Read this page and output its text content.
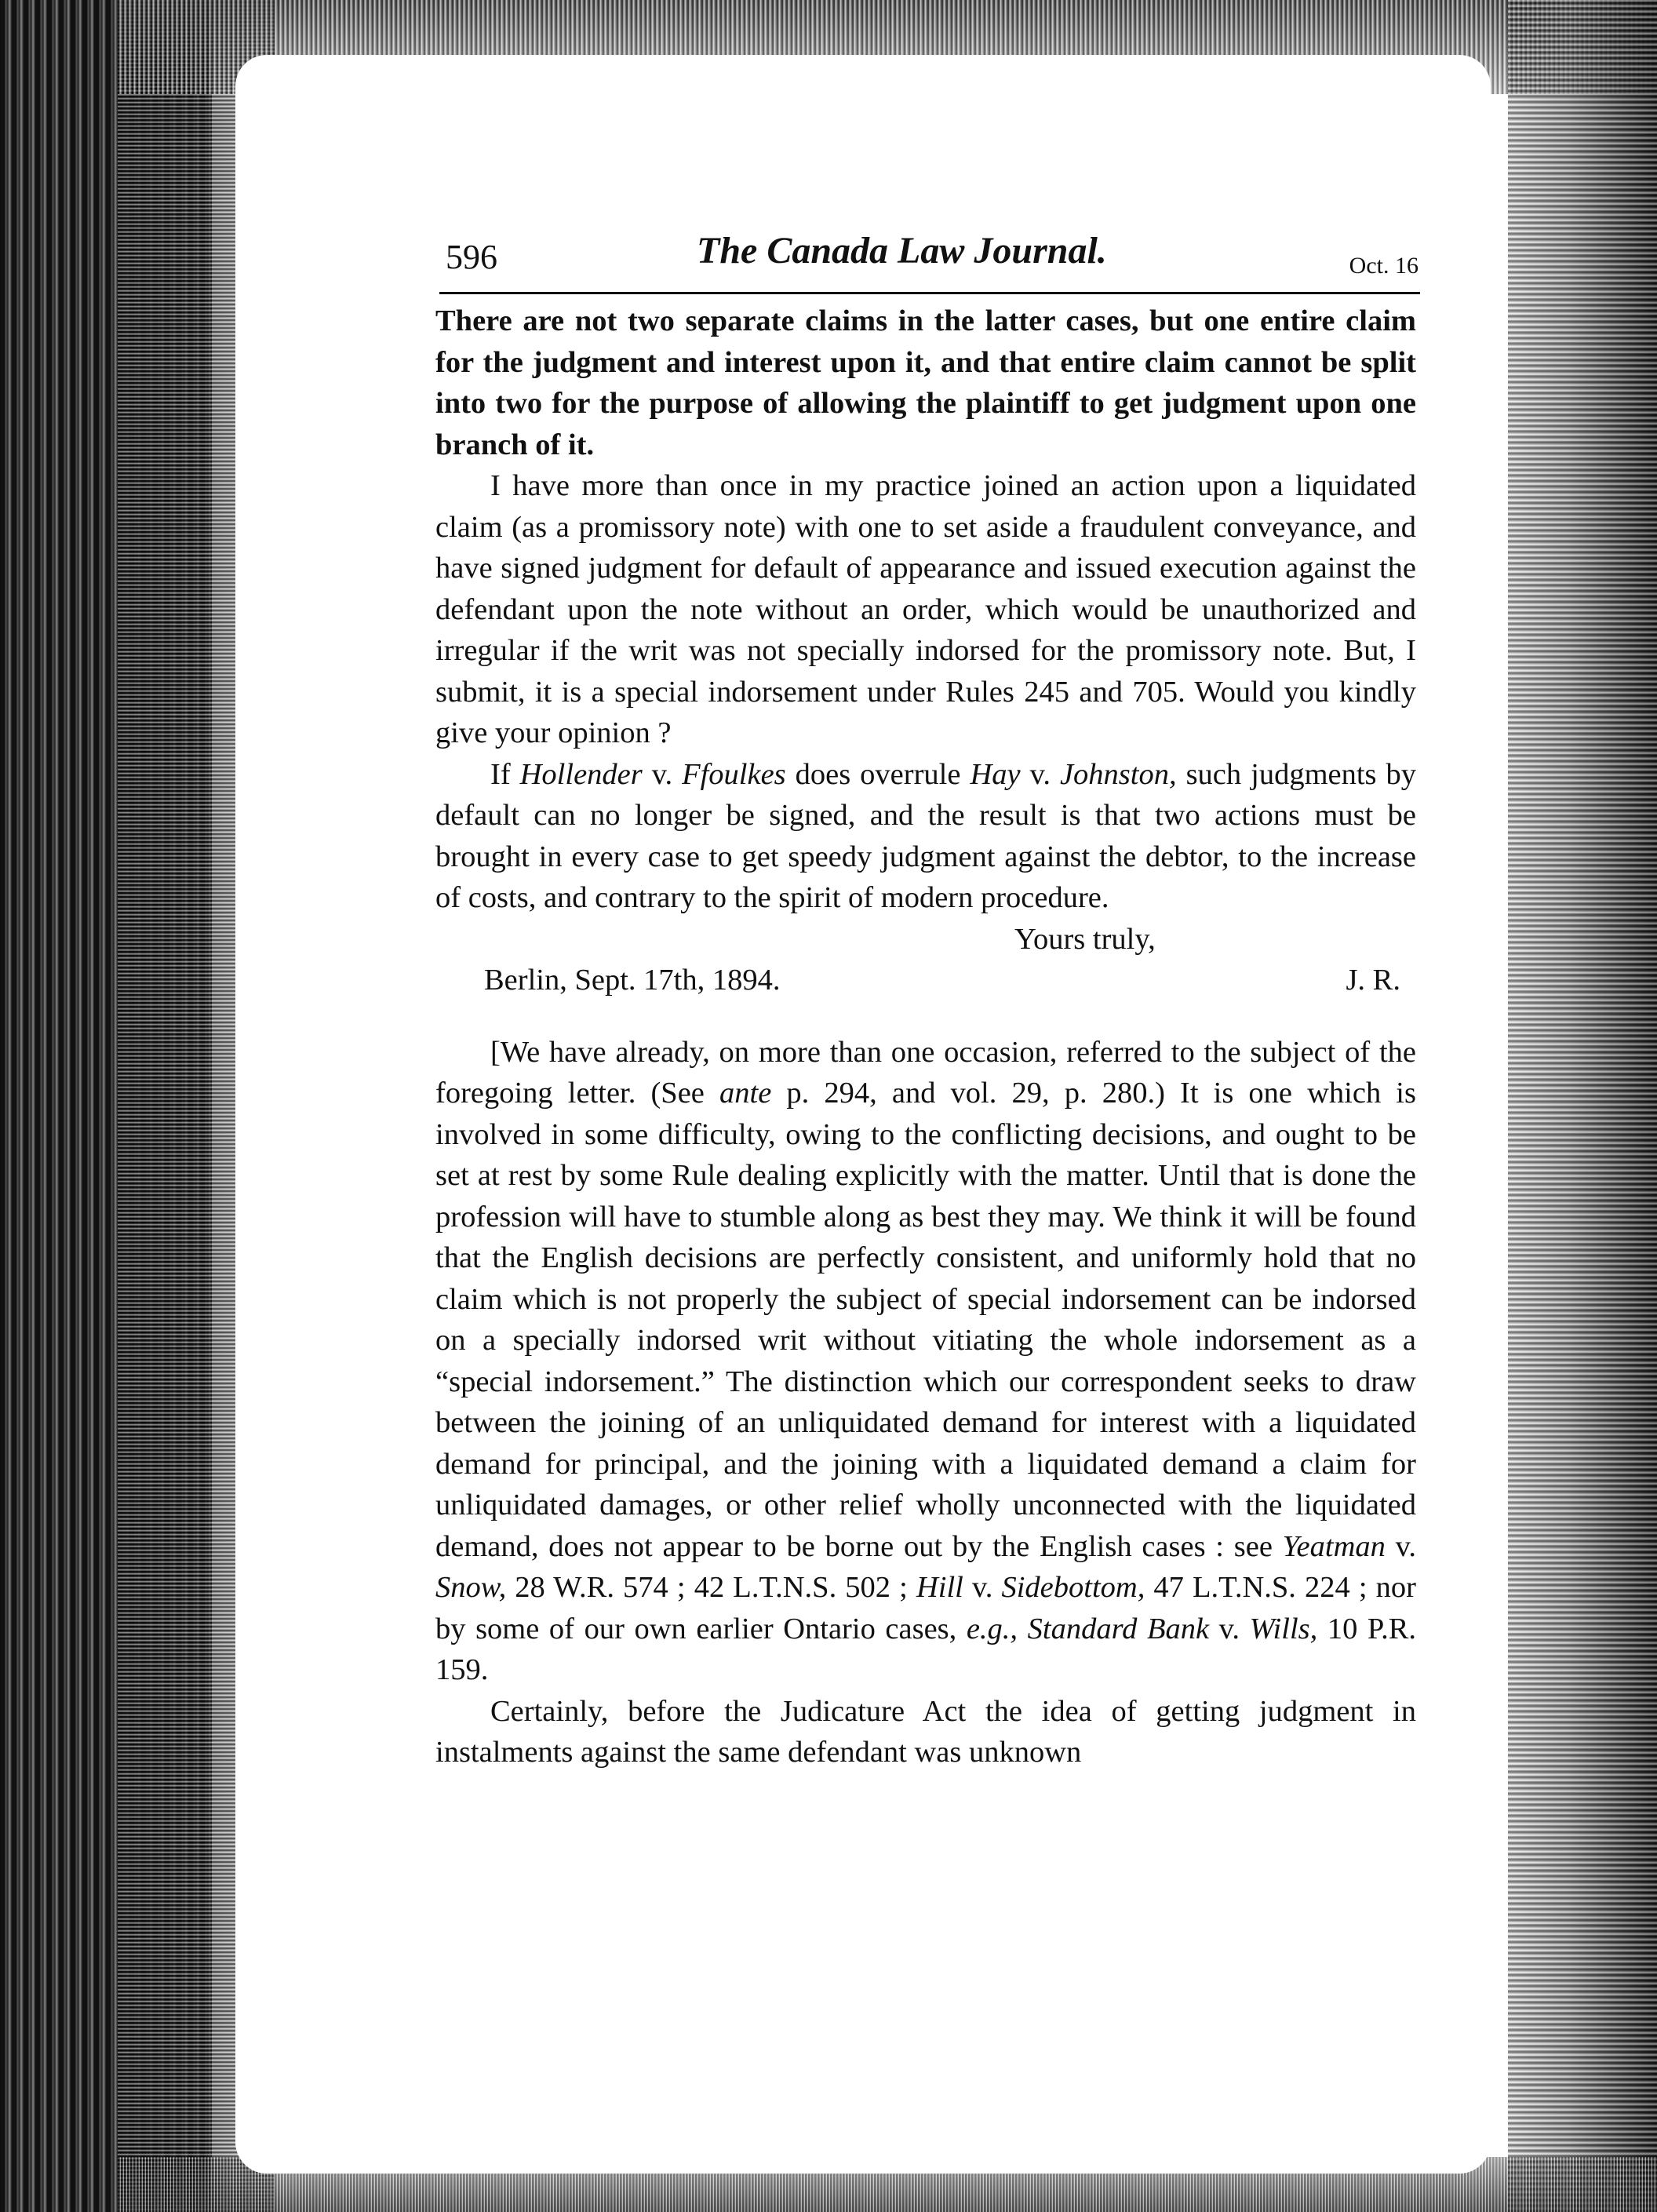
596	The Canada Law Journal.	Oct. 16

There are not two separate claims in the latter cases, but one entire claim for the judgment and interest upon it, and that entire claim cannot be split into two for the purpose of allowing the plaintiff to get judgment upon one branch of it.

I have more than once in my practice joined an action upon a liquidated claim (as a promissory note) with one to set aside a fraudulent conveyance, and have signed judgment for default of appearance and issued execution against the defendant upon the note without an order, which would be unauthorized and irregular if the writ was not specially indorsed for the promissory note. But, I submit, it is a special indorsement under Rules 245 and 705. Would you kindly give your opinion ?

If Hollender v. Ffoulkes does overrule Hay v. Johnston, such judgments by default can no longer be signed, and the result is that two actions must be brought in every case to get speedy judgment against the debtor, to the increase of costs, and contrary to the spirit of modern procedure.

Yours truly,
Berlin, Sept. 17th, 1894.	J. R.

[We have already, on more than one occasion, referred to the subject of the foregoing letter. (See ante p. 294, and vol. 29, p. 280.) It is one which is involved in some difficulty, owing to the conflicting decisions, and ought to be set at rest by some Rule dealing explicitly with the matter. Until that is done the profession will have to stumble along as best they may. We think it will be found that the English decisions are perfectly consistent, and uniformly hold that no claim which is not properly the subject of special indorsement can be indorsed on a specially indorsed writ without vitiating the whole indorsement as a “special indorsement.” The distinction which our correspondent seeks to draw between the joining of an unliquidated demand for interest with a liquidated demand for principal, and the joining with a liquidated demand a claim for unliquidated damages, or other relief wholly unconnected with the liquidated demand, does not appear to be borne out by the English cases : see Yeatman v. Snow, 28 W.R. 574 ; 42 L.T.N.S. 502 ; Hill v. Sidebottom, 47 L.T.N.S. 224 ; nor by some of our own earlier Ontario cases, e.g., Standard Bank v. Wills, 10 P.R. 159.

Certainly, before the Judicature Act the idea of getting judgment in instalments against the same defendant was unknown
